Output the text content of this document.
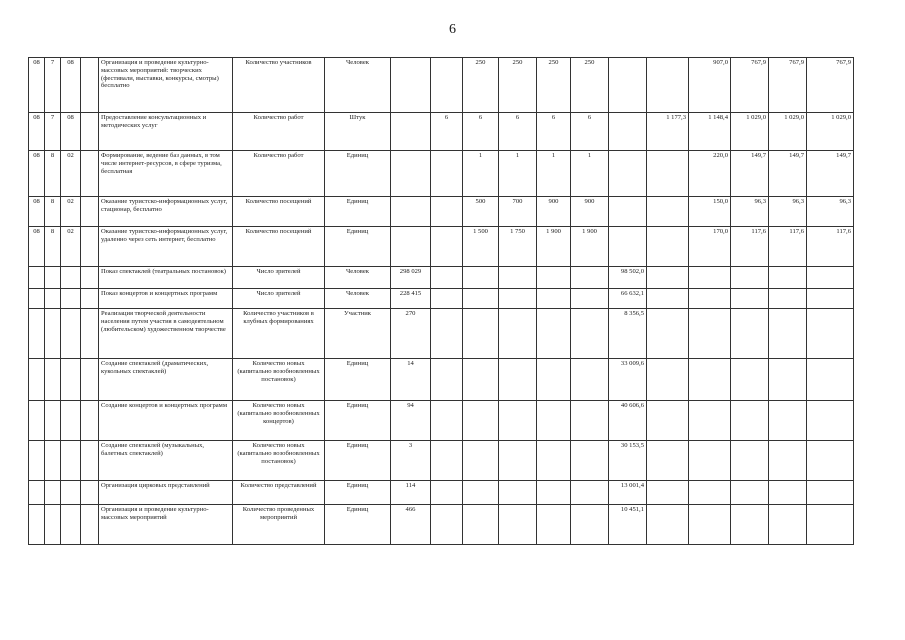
6
08	7	08		Организация и проведение культурно-массовых мероприятий: творческих (фестивали, выставки, конкурсы, смотры) бесплатно	Количество участников	Человек			250	250	250	250			907,0	767,9	767,9	767,9
08	7	08		Предоставление консультационных и методических услуг	Количество работ	Штук		6	6	6	6	6		1 177,3	1 148,4	1 029,0	1 029,0	1 029,0
08	8	02		Формирование, ведение баз данных, в том числе интернет-ресурсов, в сфере туризма, бесплатная	Количество работ	Единиц			1	1	1	1			220,0	149,7	149,7	149,7
08	8	02		Оказание туристско-информационных услуг, стационар, бесплатно	Количество посещений	Единиц			500	700	900	900			150,0	96,3	96,3	96,3
08	8	02		Оказание туристско-информационных услуг, удаленно через сеть интернет, бесплатно	Количество посещений	Единиц			1 500	1 750	1 900	1 900			170,0	117,6	117,6	117,6
				Показ спектаклей (театральных постановок)	Число зрителей	Человек	298 029						98 502,0					
				Показ концертов и концертных программ	Число зрителей	Человек	228 415						66 632,1					
				Реализация творческой деятельности населения путем участия в самодеятельном (любительском) художественном творчестве	Количество участников в клубных формированиях	Участник	270						8 356,5					
				Создание спектаклей (драматических, кукольных спектаклей)	Количество новых (капитально возобновленных постановок)	Единиц	14						33 009,6					
				Создание концертов и концертных программ	Количество новых (капитально возобновленных концертов)	Единиц	94						40 606,6					
				Создание спектаклей (музыкальных, балетных спектаклей)	Количество новых (капитально возобновленных постановок)	Единиц	3						30 153,5					
				Организация цирковых представлений	Количество представлений	Единиц	114						13 001,4					
				Организация и проведение культурно-массовых мероприятий	Количество проведенных мероприятий	Единиц	466						10 451,1					
